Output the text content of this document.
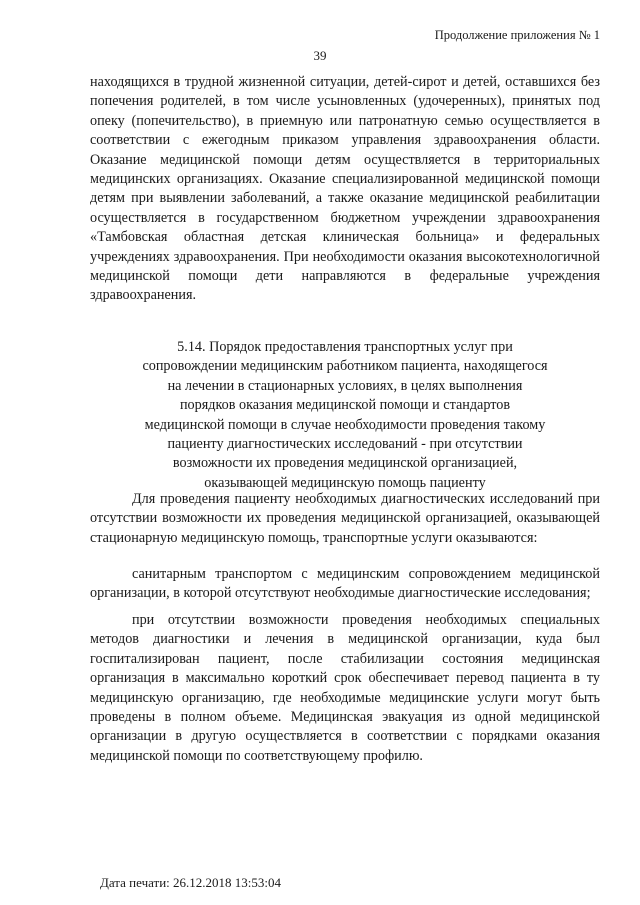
Продолжение приложения № 1
39

находящихся в трудной жизненной ситуации, детей-сирот и детей, оставшихся без попечения родителей, в том числе усыновленных (удочеренных), принятых под опеку (попечительство), в приемную или патронатную семью осуществляется в соответствии с ежегодным приказом управления здравоохранения области. Оказание медицинской помощи детям осуществляется в территориальных медицинских организациях. Оказание специализированной медицинской помощи детям при выявлении заболеваний, а также оказание медицинской реабилитации осуществляется в государственном бюджетном учреждении здравоохранения «Тамбовская областная детская клиническая больница» и федеральных учреждениях здравоохранения. При необходимости оказания высокотехнологичной медицинской помощи дети направляются в федеральные учреждения здравоохранения.

5.14. Порядок предоставления транспортных услуг при
сопровождении медицинским работником пациента, находящегося
на лечении в стационарных условиях, в целях выполнения
порядков оказания медицинской помощи и стандартов
медицинской помощи в случае необходимости проведения такому
пациенту диагностических исследований - при отсутствии
возможности их проведения медицинской организацией,
оказывающей медицинскую помощь пациенту

Для проведения пациенту необходимых диагностических исследований при отсутствии возможности их проведения медицинской организацией, оказывающей стационарную медицинскую помощь, транспортные услуги оказываются:

санитарным транспортом с медицинским сопровождением медицинской организации, в которой отсутствуют необходимые диагностические исследования;

при отсутствии возможности проведения необходимых специальных методов диагностики и лечения в медицинской организации, куда был госпитализирован пациент, после стабилизации состояния медицинская организация в максимально короткий срок обеспечивает перевод пациента в ту медицинскую организацию, где необходимые медицинские услуги могут быть проведены в полном объеме. Медицинская эвакуация из одной медицинской организации в другую осуществляется в соответствии с порядками оказания медицинской помощи по соответствующему профилю.

Дата печати: 26.12.2018 13:53:04
